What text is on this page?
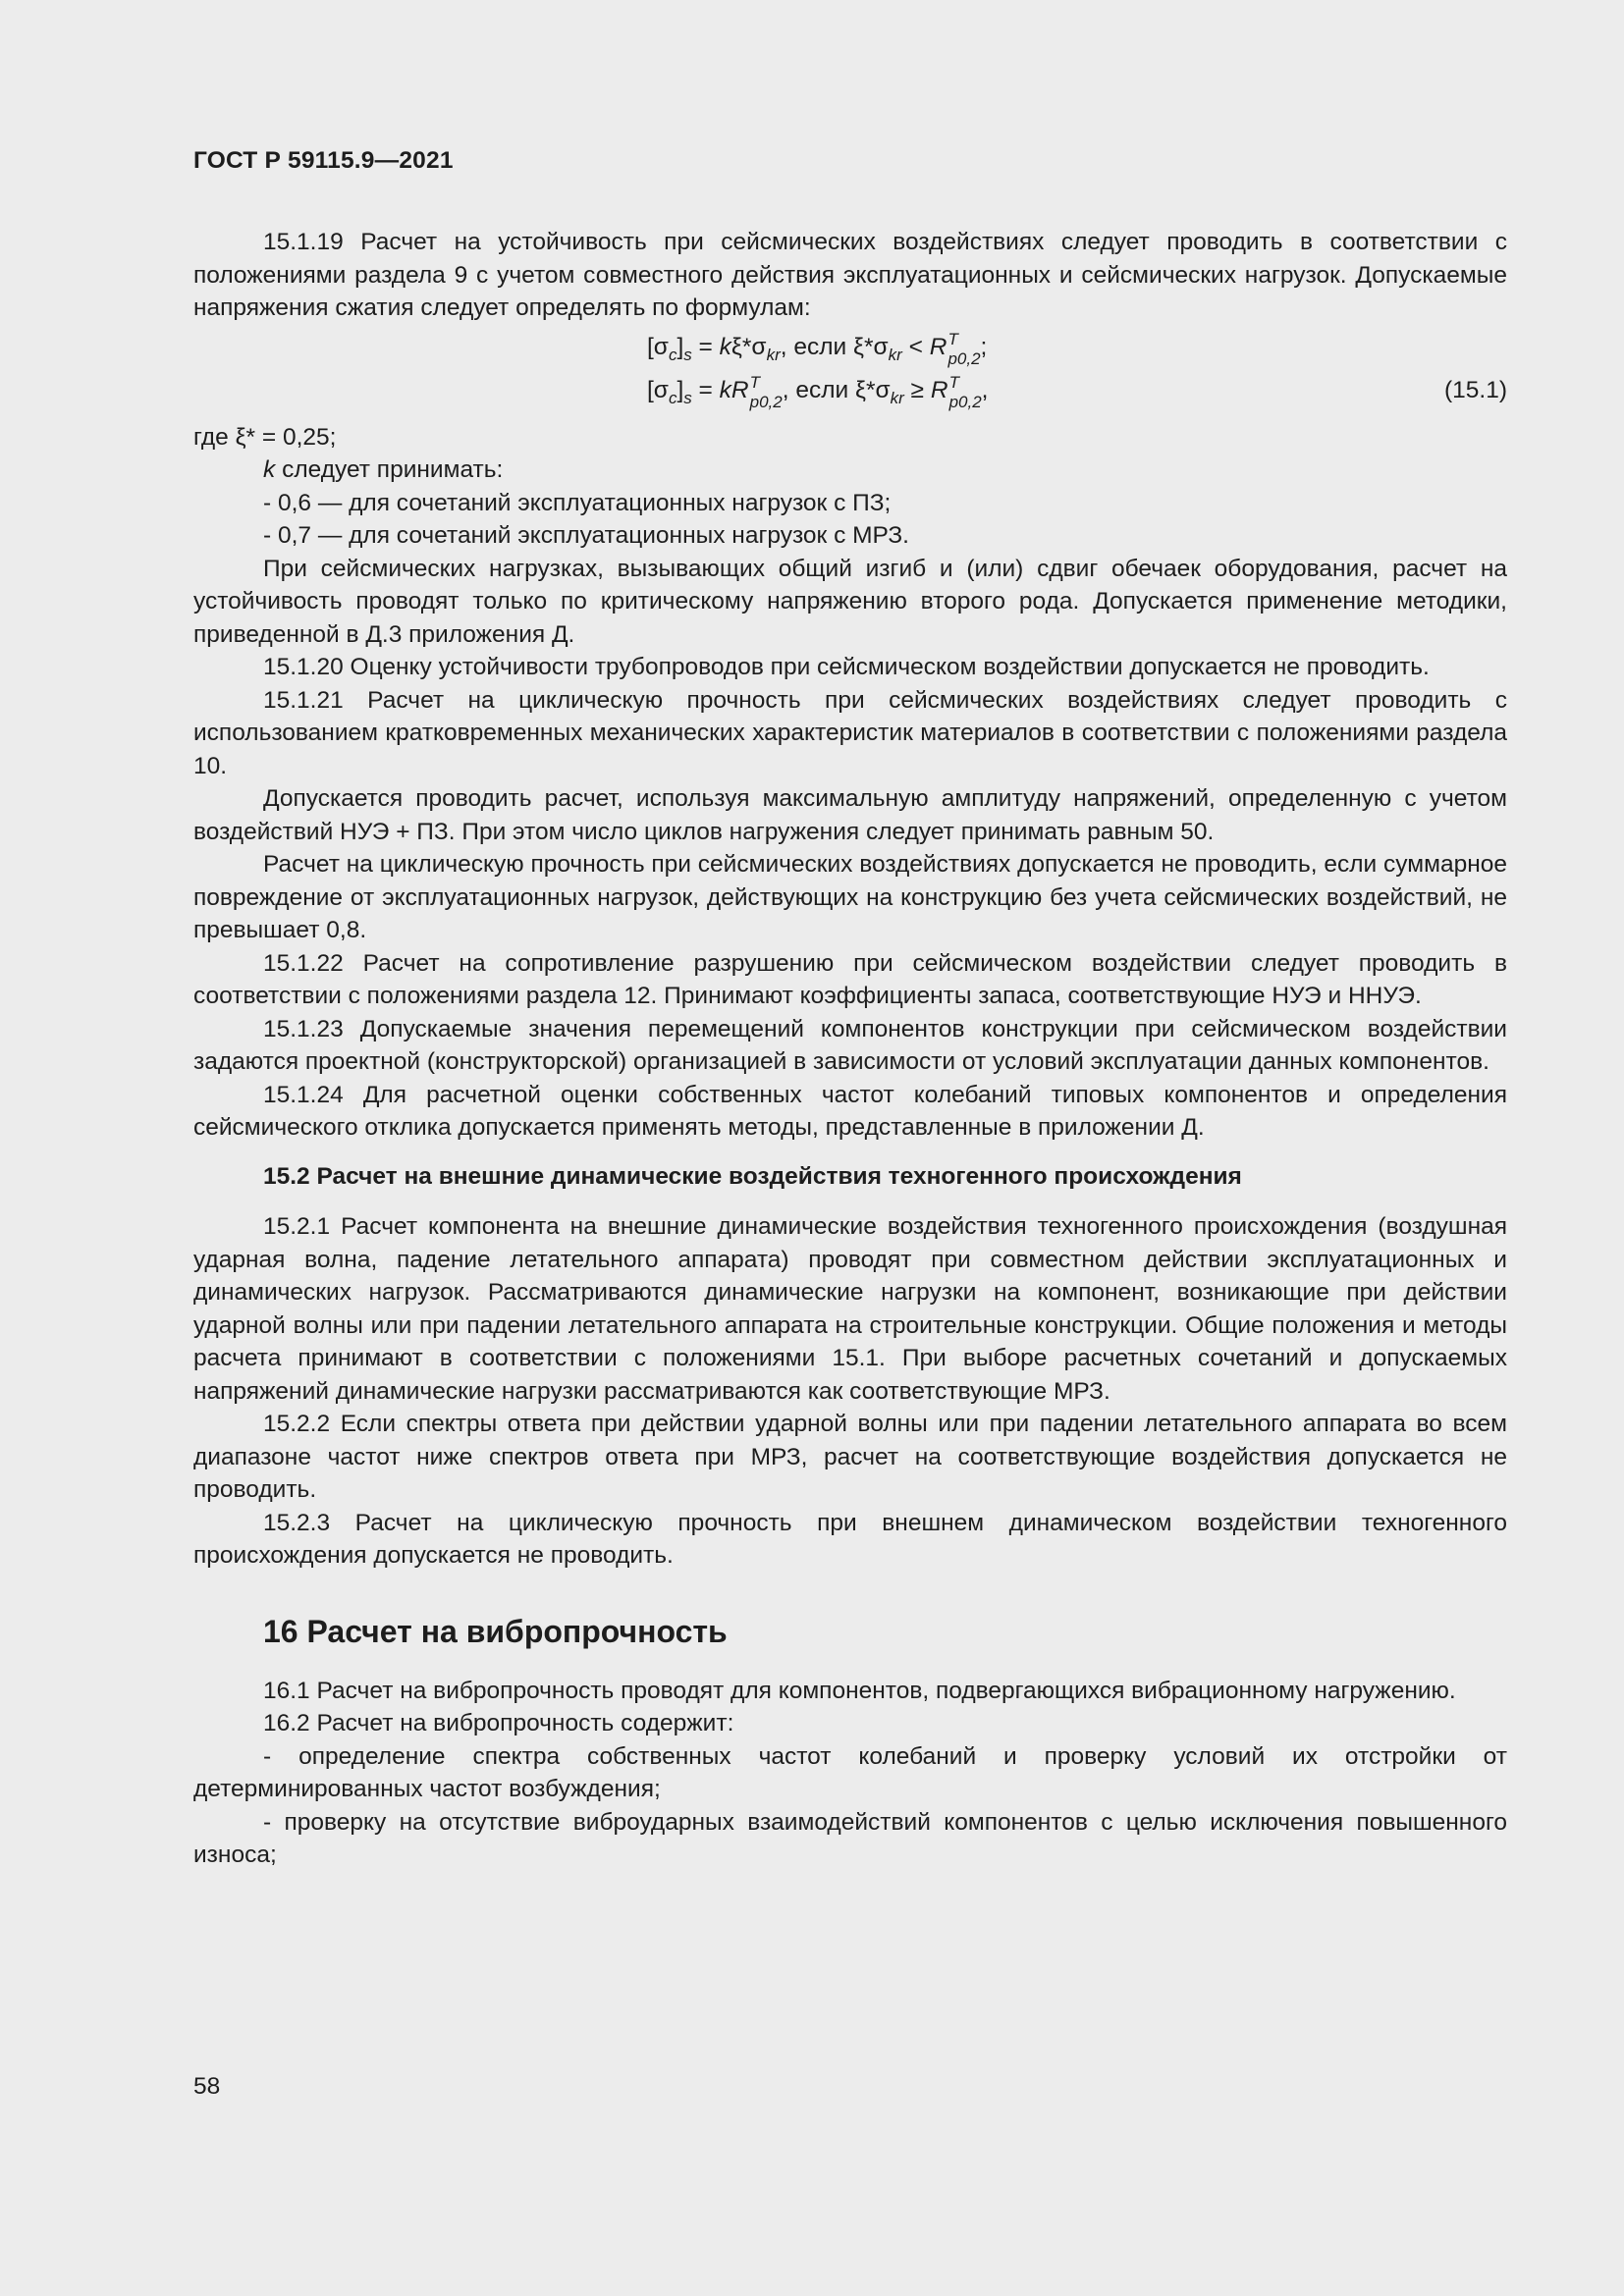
ГОСТ Р 59115.9—2021

15.1.19 Расчет на устойчивость при сейсмических воздействиях следует проводить в соответствии с положениями раздела 9 с учетом совместного действия эксплуатационных и сейсмических нагрузок. Допускаемые напряжения сжатия следует определять по формулам:

$[\sigma_c]_s = k\xi*\sigma_{kr}$, если $\xi*\sigma_{kr} < R$ T
p0,2 ;
$[\sigma_c]_s$ = kR T
p0,2 , если $\xi*\sigma_{kr} \ge R$ T
p0,2 ,	(15.1)

где ξ* = 0,25;

k следует принимать:

- 0,6 — для сочетаний эксплуатационных нагрузок с ПЗ;

- 0,7 — для сочетаний эксплуатационных нагрузок с МРЗ.

При сейсмических нагрузках, вызывающих общий изгиб и (или) сдвиг обечаек оборудования, расчет на устойчивость проводят только по критическому напряжению второго рода. Допускается применение методики, приведенной в Д.3 приложения Д.

15.1.20 Оценку устойчивости трубопроводов при сейсмическом воздействии допускается не проводить.

15.1.21 Расчет на циклическую прочность при сейсмических воздействиях следует проводить с использованием кратковременных механических характеристик материалов в соответствии с положениями раздела 10.

Допускается проводить расчет, используя максимальную амплитуду напряжений, определенную с учетом воздействий НУЭ + ПЗ. При этом число циклов нагружения следует принимать равным 50.

Расчет на циклическую прочность при сейсмических воздействиях допускается не проводить, если суммарное повреждение от эксплуатационных нагрузок, действующих на конструкцию без учета сейсмических воздействий, не превышает 0,8.

15.1.22 Расчет на сопротивление разрушению при сейсмическом воздействии следует проводить в соответствии с положениями раздела 12. Принимают коэффициенты запаса, соответствующие НУЭ и ННУЭ.

15.1.23 Допускаемые значения перемещений компонентов конструкции при сейсмическом воздействии задаются проектной (конструкторской) организацией в зависимости от условий эксплуатации данных компонентов.

15.1.24 Для расчетной оценки собственных частот колебаний типовых компонентов и определения сейсмического отклика допускается применять методы, представленные в приложении Д.

15.2 Расчет на внешние динамические воздействия техногенного происхождения

15.2.1 Расчет компонента на внешние динамические воздействия техногенного происхождения (воздушная ударная волна, падение летательного аппарата) проводят при совместном действии эксплуатационных и динамических нагрузок. Рассматриваются динамические нагрузки на компонент, возникающие при действии ударной волны или при падении летательного аппарата на строительные конструкции. Общие положения и методы расчета принимают в соответствии с положениями 15.1. При выборе расчетных сочетаний и допускаемых напряжений динамические нагрузки рассматриваются как соответствующие МРЗ.

15.2.2 Если спектры ответа при действии ударной волны или при падении летательного аппарата во всем диапазоне частот ниже спектров ответа при МРЗ, расчет на соответствующие воздействия допускается не проводить.

15.2.3 Расчет на циклическую прочность при внешнем динамическом воздействии техногенного происхождения допускается не проводить.

16 Расчет на вибропрочность

16.1 Расчет на вибропрочность проводят для компонентов, подвергающихся вибрационному нагружению.

16.2 Расчет на вибропрочность содержит:

- определение спектра собственных частот колебаний и проверку условий их отстройки от детерминированных частот возбуждения;

- проверку на отсутствие виброударных взаимодействий компонентов с целью исключения повышенного износа;

58
